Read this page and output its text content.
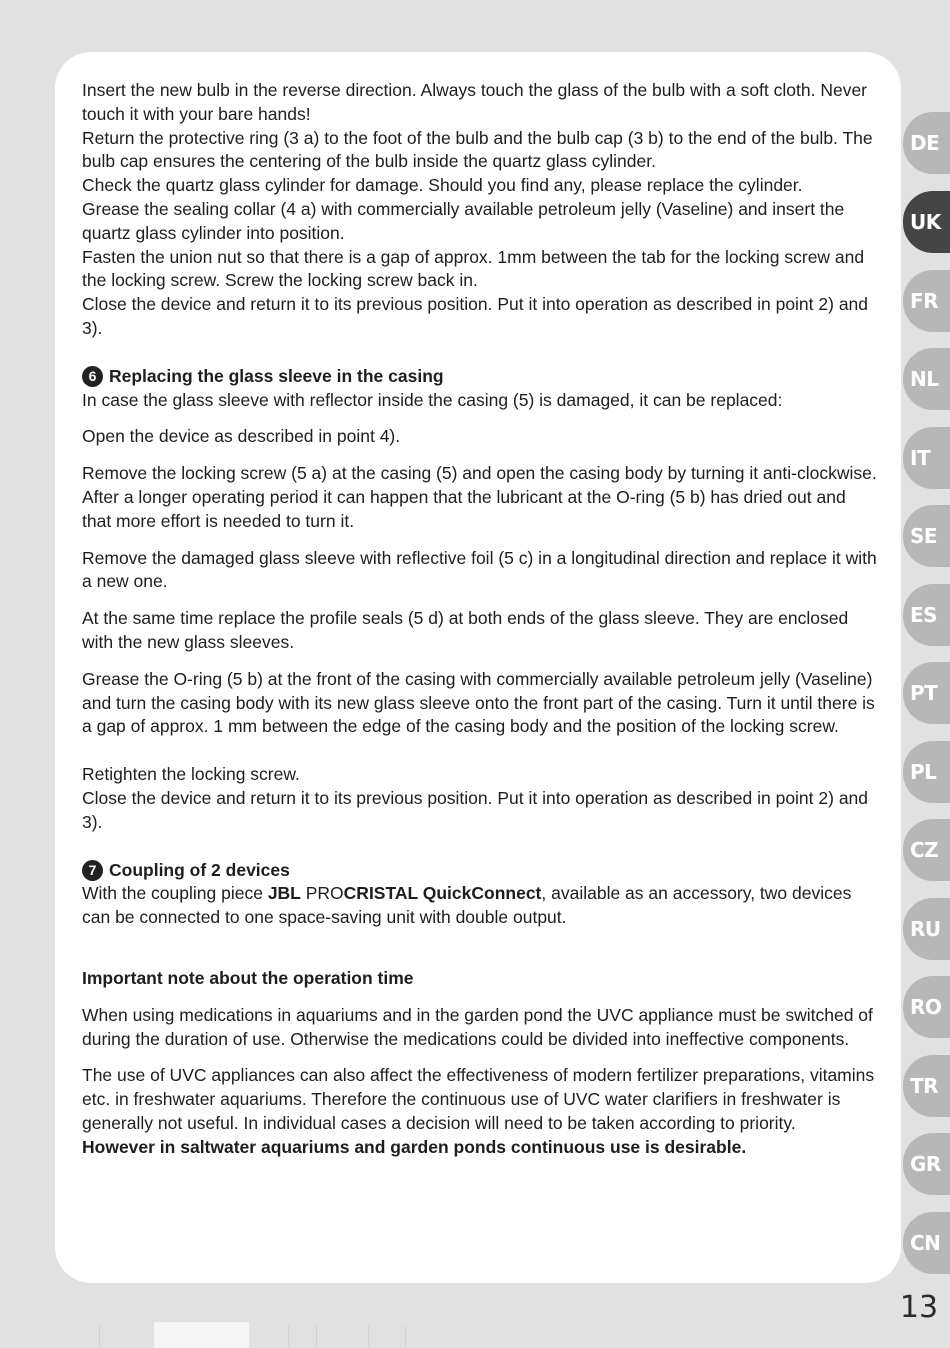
Insert the new bulb in the reverse direction. Always touch the glass of the bulb with a soft cloth. Never touch it with your bare hands!

Return the protective ring (3 a) to the foot of the bulb and the bulb cap (3 b) to the end of the bulb. The bulb cap ensures the centering of the bulb inside the quartz glass cylinder.

Check the quartz glass cylinder for damage. Should you find any, please replace the cylinder.

Grease the sealing collar (4 a) with commercially available petroleum jelly (Vaseline) and insert the quartz glass cylinder into position.

Fasten the union nut so that there is a gap of approx. 1mm between the tab for the locking screw and the locking screw. Screw the locking screw back in.

Close the device and return it to its previous position. Put it into operation as described in point 2) and 3).

6 Replacing the glass sleeve in the casing

In case the glass sleeve with reflector inside the casing (5) is damaged, it can be replaced:

Open the device as described in point 4).

Remove the locking screw (5 a) at the casing (5) and open the casing body by turning it anti-clockwise. After a longer operating period it can happen that the lubricant at the O-ring (5 b) has dried out and that more effort is needed to turn it.

Remove the damaged glass sleeve with reflective foil (5 c) in a longitudinal direction and replace it with a new one.

At the same time replace the profile seals (5 d) at both ends of the glass sleeve. They are enclosed with the new glass sleeves.

Grease the O-ring (5 b) at the front of the casing with commercially available petroleum jelly (Vaseline) and turn the casing body with its new glass sleeve onto the front part of the casing. Turn it until there is a gap of approx. 1 mm between the edge of the casing body and the position of the locking screw.

Retighten the locking screw.

Close the device and return it to its previous position. Put it into operation as described in point 2) and 3).

7 Coupling of 2 devices

With the coupling piece JBL PROCRISTAL QuickConnect, available as an accessory, two devices can be connected to one space-saving unit with double output.

Important note about the operation time

When using medications in aquariums and in the garden pond the UVC appliance must be switched of during the duration of use. Otherwise the medications could be divided into ineffective components.

The use of UVC appliances can also affect the effectiveness of modern fertilizer preparations, vitamins etc. in freshwater aquariums. Therefore the continuous use of UVC water clarifiers in freshwater is generally not useful. In individual cases a decision will need to be taken according to priority.

However in saltwater aquariums and garden ponds continuous use is desirable.

DE
UK
FR
NL
IT
SE
ES
PT
PL
CZ
RU
RO
TR
GR
CN
13
